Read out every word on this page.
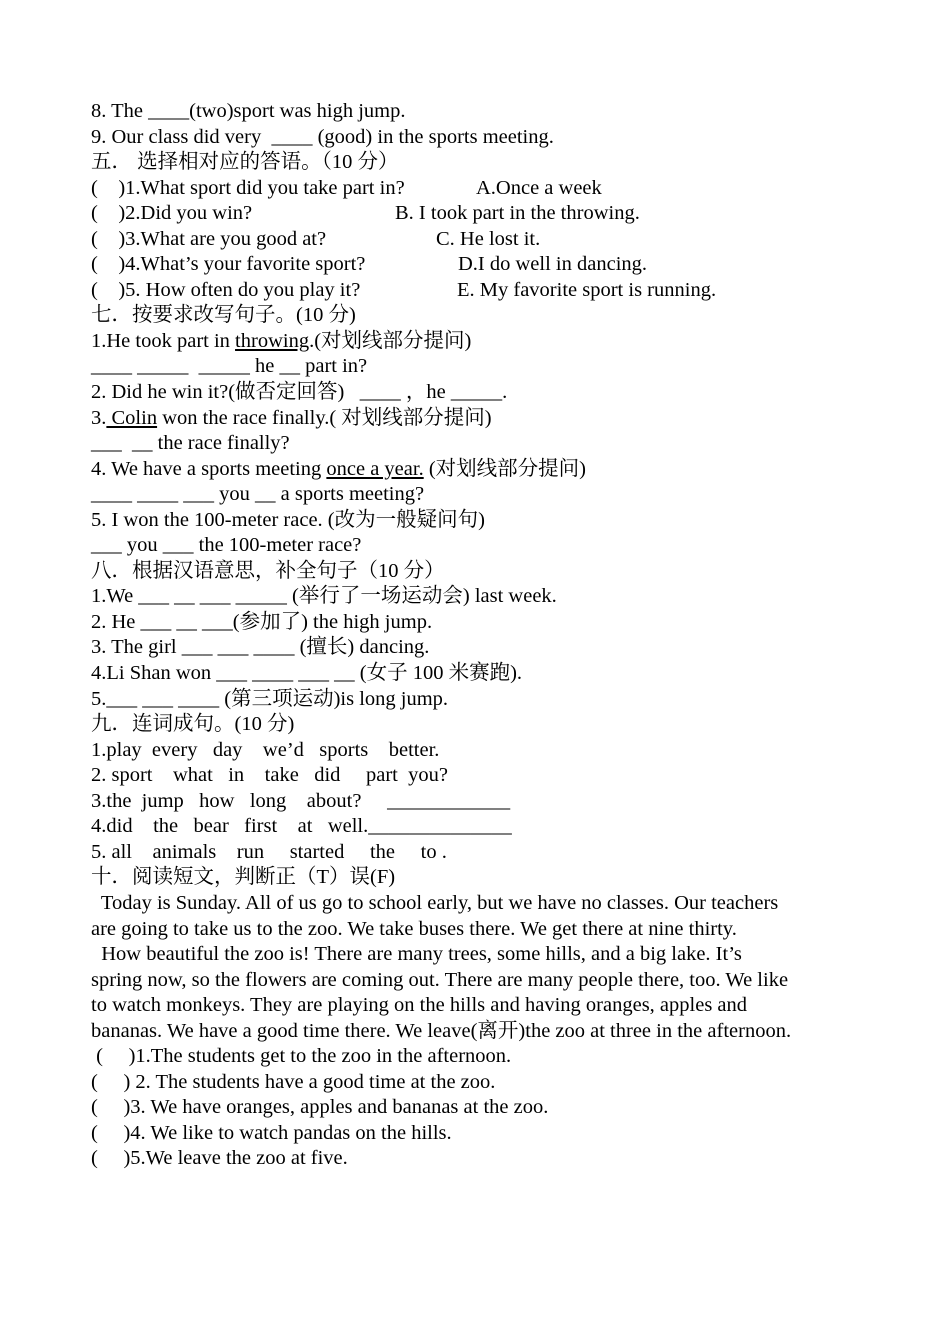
8. The ____(two)sport was high jump.
9. Our class did very  ____ (good) in the sports meeting.
五． 选择相对应的答语。（10 分）
(    )1.What sport did you take part in?	A.Once a week
(    )2.Did you win?	B. I took part in the throwing.
(    )3.What are you good at?	C. He lost it.
(    )4.What’s your favorite sport?	D.I do well in dancing.
(    )5. How often do you play it?	E. My favorite sport is running.
七．按要求改写句子。(10 分)
1.He took part in throwing.(对划线部分提问)
____ _____  _____ he __ part in?
2. Did he win it?(做否定回答)   ____ ，he _____.
3. Colin won the race finally.( 对划线部分提问)
___  __ the race finally?
4. We have a sports meeting once a year. (对划线部分提问)
____ ____ ___ you __ a sports meeting?
5. I won the 100-meter race. (改为一般疑问句)
___ you ___ the 100-meter race?
八．根据汉语意思，补全句子（10 分）
1.We ___ __ ___ _____ (举行了一场运动会) last week.
2. He ___ __ ___(参加了) the high jump.
3. The girl ___ ___ ____ (擅长) dancing.
4.Li Shan won ___ ____ ___ __ (女子 100 米赛跑).
5.___ ___ ____ (第三项运动)is long jump.
九．连词成句。(10 分)
1.play  every   day    we’d   sports    better.
2. sport    what   in    take   did     part  you?
3.the  jump   how   long    about?     ____________
4.did    the   bear   first    at   well.______________
5. all    animals    run     started     the     to .
十．阅读短文，判断正（T）误(F)
Today is Sunday. All of us go to school early, but we have no classes. Our teachers
are going to take us to the zoo. We take buses there. We get there at nine thirty.
How beautiful the zoo is! There are many trees, some hills, and a big lake. It’s
spring now, so the flowers are coming out. There are many people there, too. We like
to watch monkeys. They are playing on the hills and having oranges, apples and
bananas. We have a good time there. We leave(离开)the zoo at three in the afternoon.
(     )1.The students get to the zoo in the afternoon.
(     ) 2. The students have a good time at the zoo.
(     )3. We have oranges, apples and bananas at the zoo.
(     )4. We like to watch pandas on the hills.
(     )5.We leave the zoo at five.
